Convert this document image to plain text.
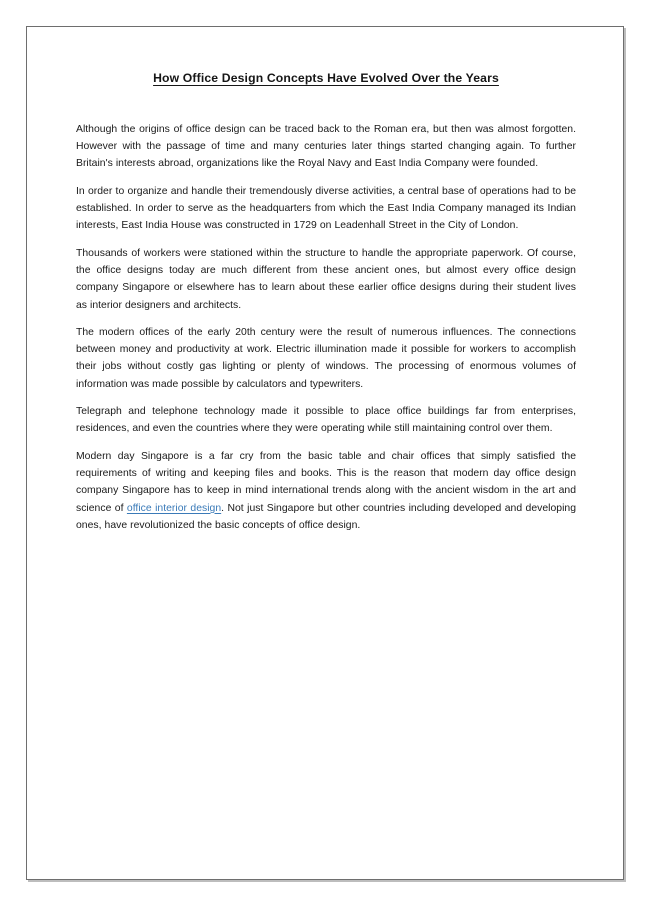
How Office Design Concepts Have Evolved Over the Years

Although the origins of office design can be traced back to the Roman era, but then was almost forgotten. However with the passage of time and many centuries later things started changing again. To further Britain's interests abroad, organizations like the Royal Navy and East India Company were founded.

In order to organize and handle their tremendously diverse activities, a central base of operations had to be established. In order to serve as the headquarters from which the East India Company managed its Indian interests, East India House was constructed in 1729 on Leadenhall Street in the City of London.

Thousands of workers were stationed within the structure to handle the appropriate paperwork. Of course, the office designs today are much different from these ancient ones, but almost every office design company Singapore or elsewhere has to learn about these earlier office designs during their student lives as interior designers and architects.

The modern offices of the early 20th century were the result of numerous influences. The connections between money and productivity at work. Electric illumination made it possible for workers to accomplish their jobs without costly gas lighting or plenty of windows. The processing of enormous volumes of information was made possible by calculators and typewriters.

Telegraph and telephone technology made it possible to place office buildings far from enterprises, residences, and even the countries where they were operating while still maintaining control over them.

Modern day Singapore is a far cry from the basic table and chair offices that simply satisfied the requirements of writing and keeping files and books. This is the reason that modern day office design company Singapore has to keep in mind international trends along with the ancient wisdom in the art and science of office interior design. Not just Singapore but other countries including developed and developing ones, have revolutionized the basic concepts of office design.
